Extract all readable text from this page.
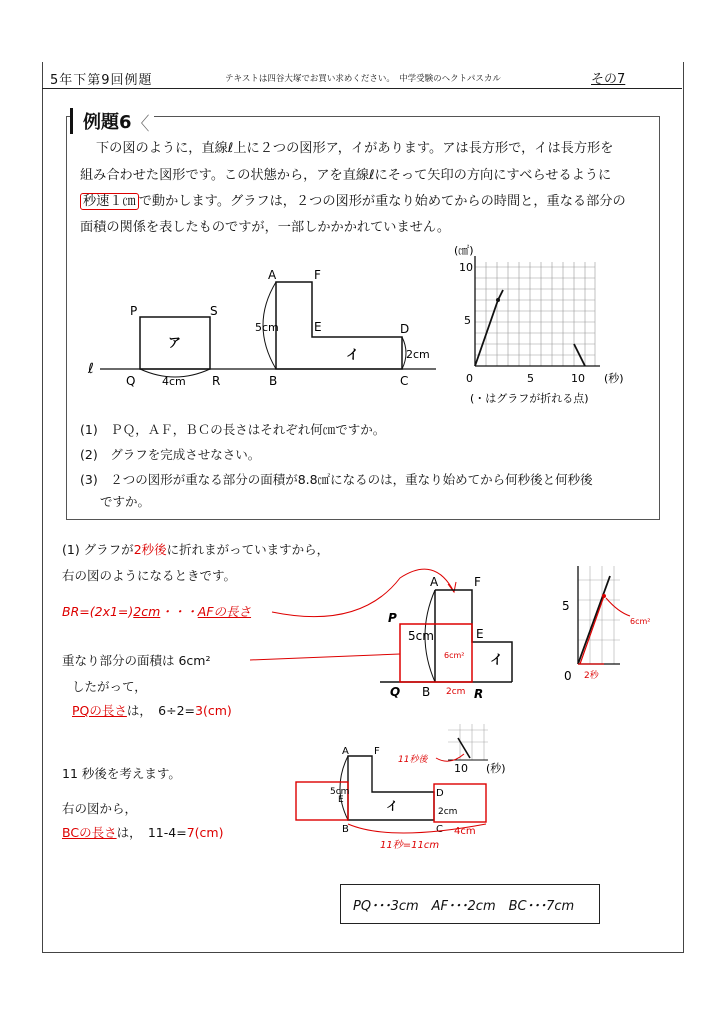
5年下第9回例題	テキストは四谷大塚でお買い求めください。　中学受験のヘクトパスカル	その7
例題6 〈
下の図のように，直線ℓ上に２つの図形ア，イがあります。アは長方形で，イは長方形を
組み合わせた図形です。この状態から，アを直線ℓにそって矢印の方向にすべらせるように
秒速１㎝ で動かします。グラフは，２つの図形が重なり始めてからの時間と，重なる部分の
面積の関係を表したものですが，一部しかかかれていません。
ℓ
ア
P	S
Q	R
4cm
5cm
A	F
E	D
B	C
イ	2cm
(㎠)
10
5
0	5	10 (秒)
(・はグラフが折れる点)
(1)　ＰＱ，ＡＦ，ＢＣの長さはそれぞれ何㎝ですか。
(2)　グラフを完成させなさい。
(3)　２つの図形が重なる部分の面積が8.8㎠になるのは，重なり始めてから何秒後と何秒後
ですか。
(1) グラフが2秒後に折れまがっていますから，
右の図のようになるときです。
BR=(2x1=)2cm・・・AFの長さ
重なり部分の面積は 6cm²
したがって，
PQの長さは，　6÷2=3(cm)
11 秒後を考えます。
右の図から，
BCの長さは，　11-4=7(cm)
A	F
P
E
5cm
6cm² イ
Q B 2cm R
5
0
6cm²
2秒
11秒後
10 (秒)
A	F
E
5cm
イ
D
2cm
B	C 4cm
11秒=11cm
PQ･･･3cm　AF･･･2cm　BC･･･7cm
